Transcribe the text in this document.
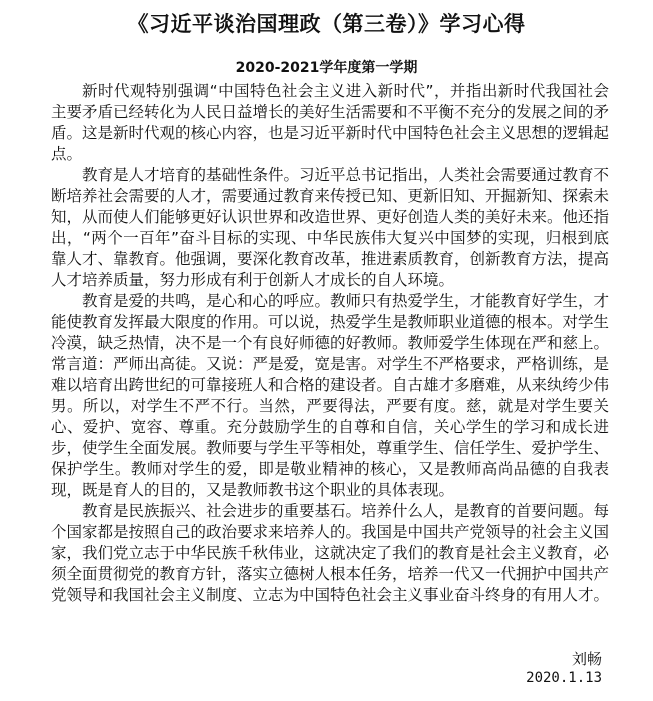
《习近平谈治国理政（第三卷）》学习心得
2020-2021学年度第一学期

新时代观特别强调“中国特色社会主义进入新时代”，并指出新时代我国社会主要矛盾已经转化为人民日益增长的美好生活需要和不平衡不充分的发展之间的矛盾。这是新时代观的核心内容，也是习近平新时代中国特色社会主义思想的逻辑起点。

教育是人才培育的基础性条件。习近平总书记指出，人类社会需要通过教育不断培养社会需要的人才，需要通过教育来传授已知、更新旧知、开掘新知、探索未知，从而使人们能够更好认识世界和改造世界、更好创造人类的美好未来。他还指出，“两个一百年”奋斗目标的实现、中华民族伟大复兴中国梦的实现，归根到底靠人才、靠教育。他强调，要深化教育改革，推进素质教育，创新教育方法，提高人才培养质量，努力形成有利于创新人才成长的自人环境。

教育是爱的共鸣，是心和心的呼应。教师只有热爱学生，才能教育好学生，才能使教育发挥最大限度的作用。可以说，热爱学生是教师职业道德的根本。对学生冷漠，缺乏热情，决不是一个有良好师德的好教师。教师爱学生体现在严和慈上。常言道：严师出高徒。又说：严是爱，宽是害。对学生不严格要求，严格训练，是难以培育出跨世纪的可靠接班人和合格的建设者。自古雄才多磨难，从来纨绔少伟男。所以，对学生不严不行。当然，严要得法，严要有度。慈，就是对学生要关心、爱护、宽容、尊重。充分鼓励学生的自尊和自信，关心学生的学习和成长进步，使学生全面发展。教师要与学生平等相处，尊重学生、信任学生、爱护学生、保护学生。教师对学生的爱，即是敬业精神的核心，又是教师高尚品德的自我表现，既是育人的目的，又是教师教书这个职业的具体表现。

教育是民族振兴、社会进步的重要基石。培养什么人，是教育的首要问题。每个国家都是按照自己的政治要求来培养人的。我国是中国共产党领导的社会主义国家，我们党立志于中华民族千秋伟业，这就决定了我们的教育是社会主义教育，必须全面贯彻党的教育方针，落实立德树人根本任务，培养一代又一代拥护中国共产党领导和我国社会主义制度、立志为中国特色社会主义事业奋斗终身的有用人才。

刘畅
2020.1.13
